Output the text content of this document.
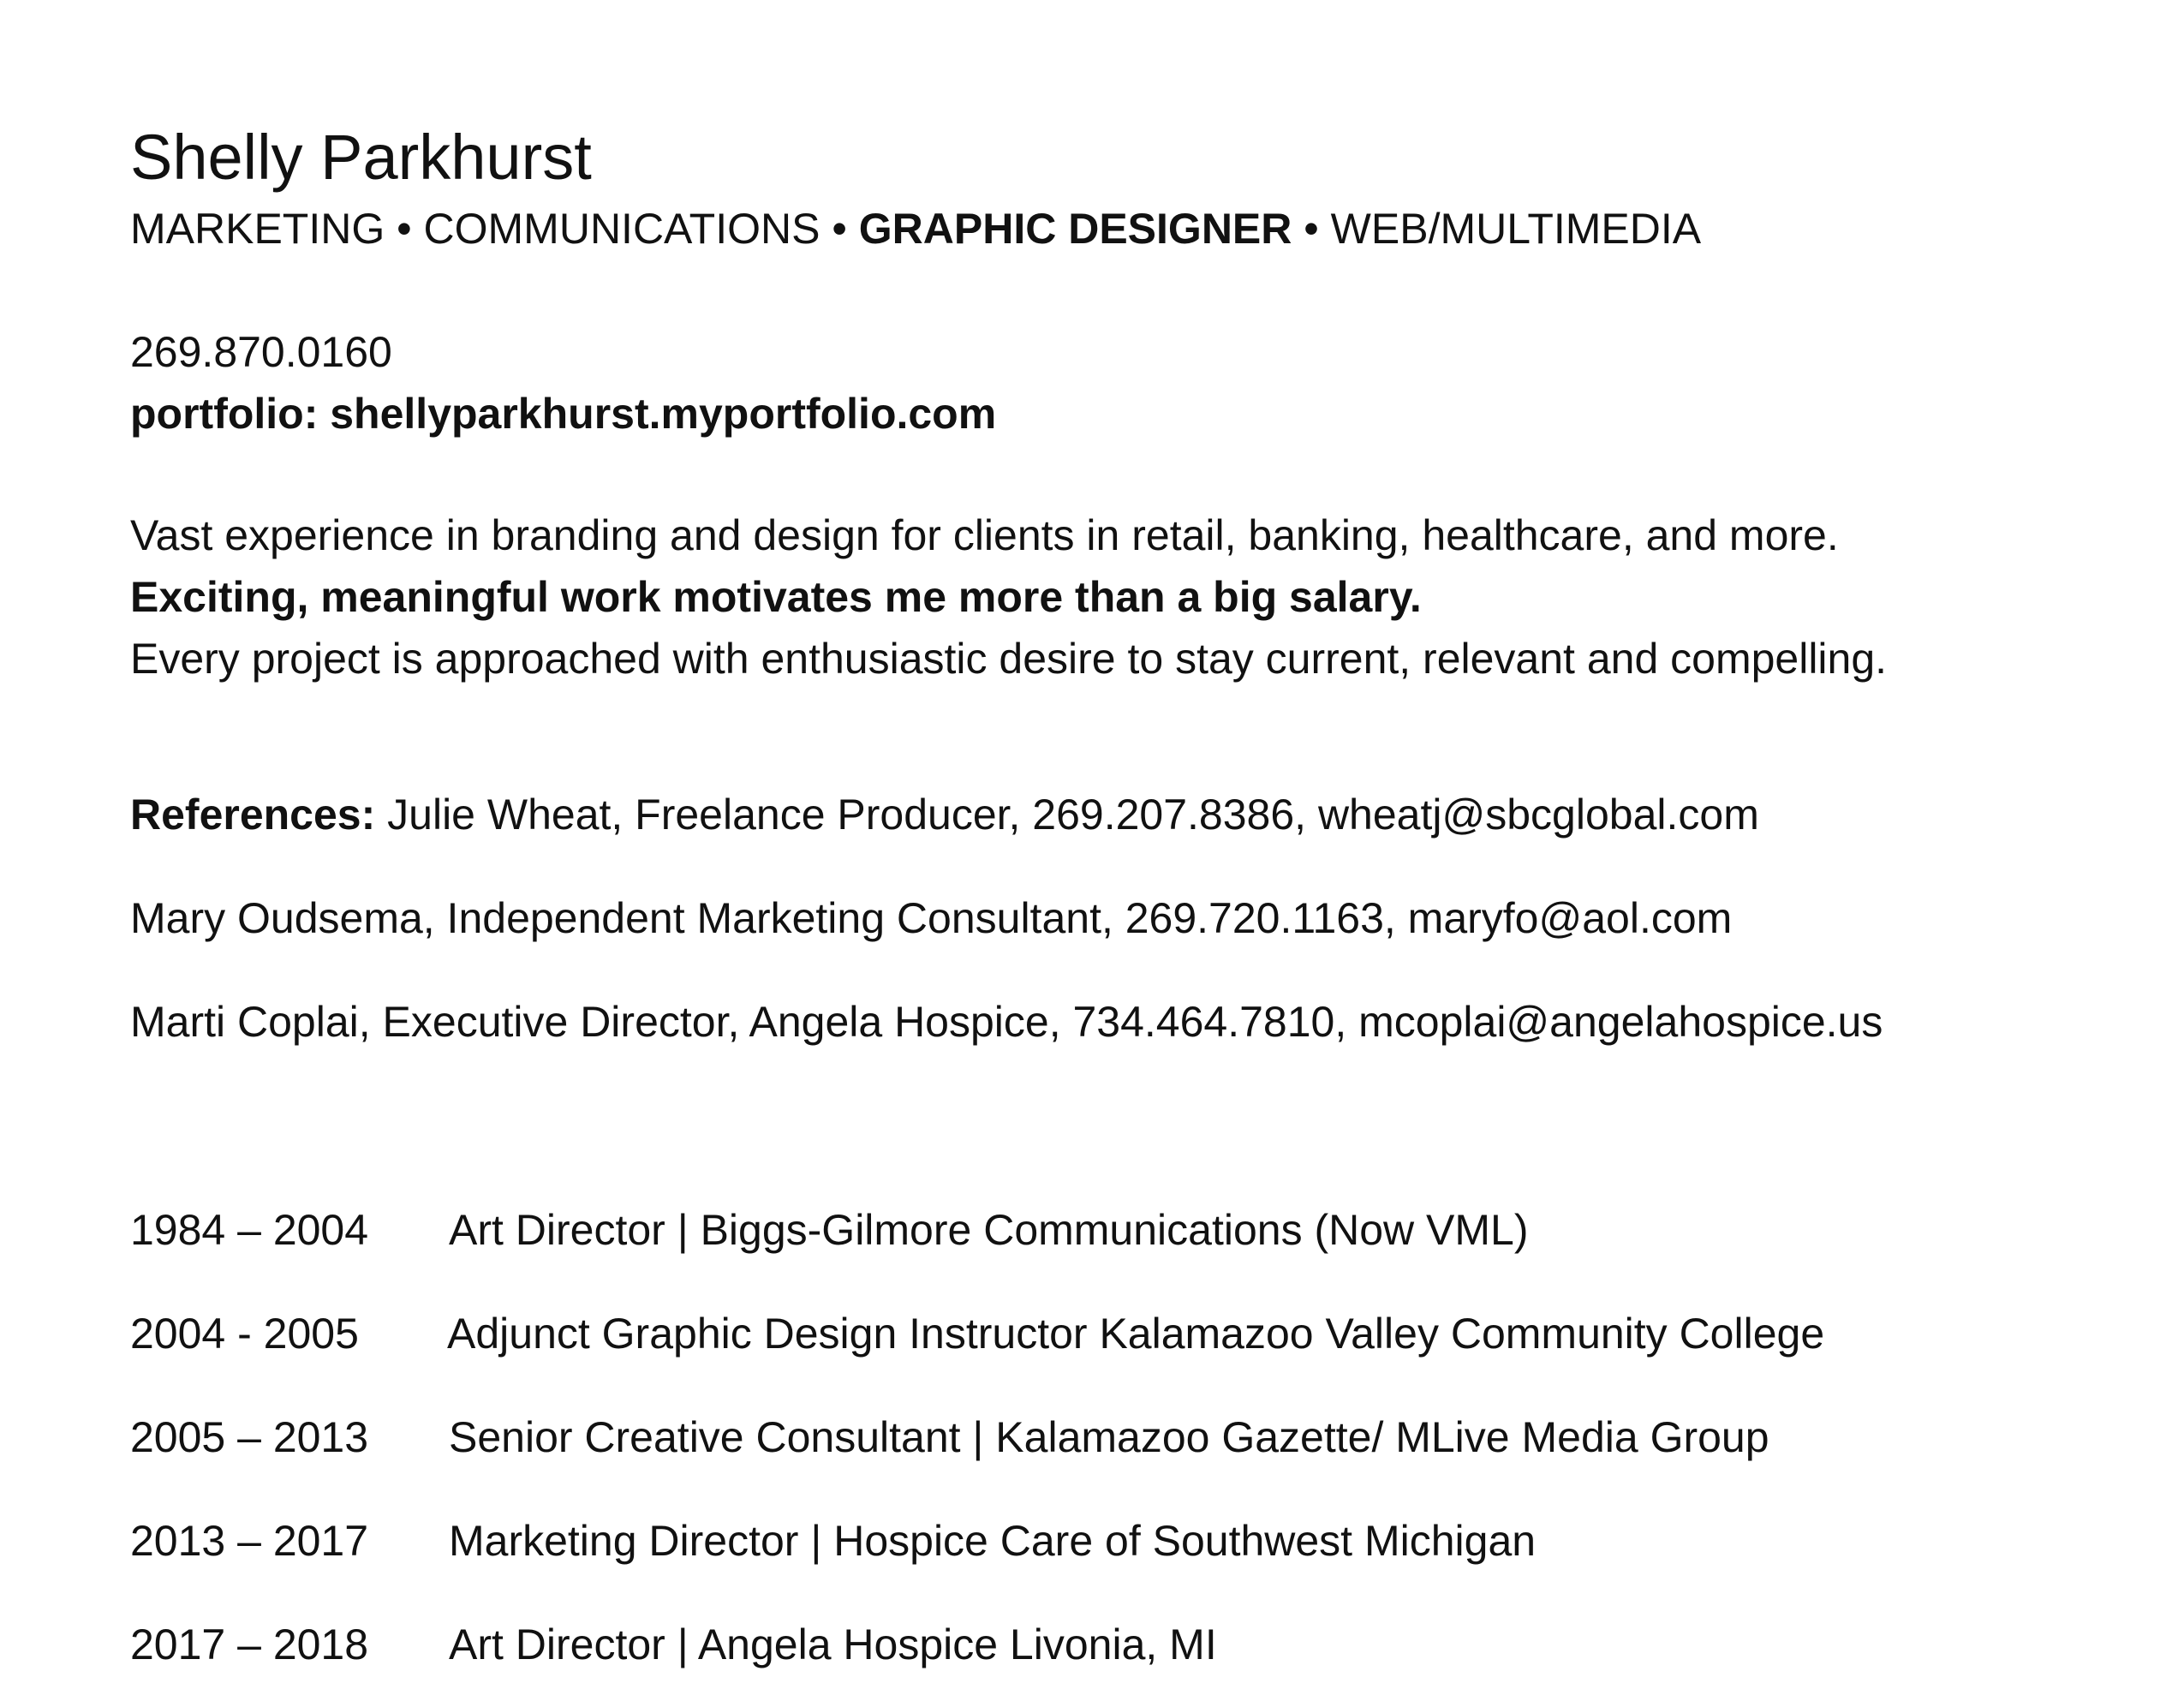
Shelly Parkhurst
MARKETING • COMMUNICATIONS • GRAPHIC DESIGNER • WEB/MULTIMEDIA
269.870.0160
portfolio: shellyparkhurst.myportfolio.com
Vast experience in branding and design for clients in retail, banking, healthcare, and more.
Exciting, meaningful work motivates me more than a big salary.
Every project is approached with enthusiastic desire to stay current, relevant and compelling.
References: Julie Wheat, Freelance Producer, 269.207.8386, wheatj@sbcglobal.com
Mary Oudsema, Independent Marketing Consultant, 269.720.1163, maryfo@aol.com
Marti Coplai, Executive Director, Angela Hospice, 734.464.7810, mcoplai@angelahospice.us
1984 – 2004 Art Director | Biggs-Gilmore Communications (Now VML)
2004 - 2005 Adjunct Graphic Design Instructor Kalamazoo Valley Community College
2005 – 2013 Senior Creative Consultant | Kalamazoo Gazette/ MLive Media Group
2013 – 2017 Marketing Director | Hospice Care of Southwest Michigan
2017 – 2018 Art Director | Angela Hospice Livonia, MI
